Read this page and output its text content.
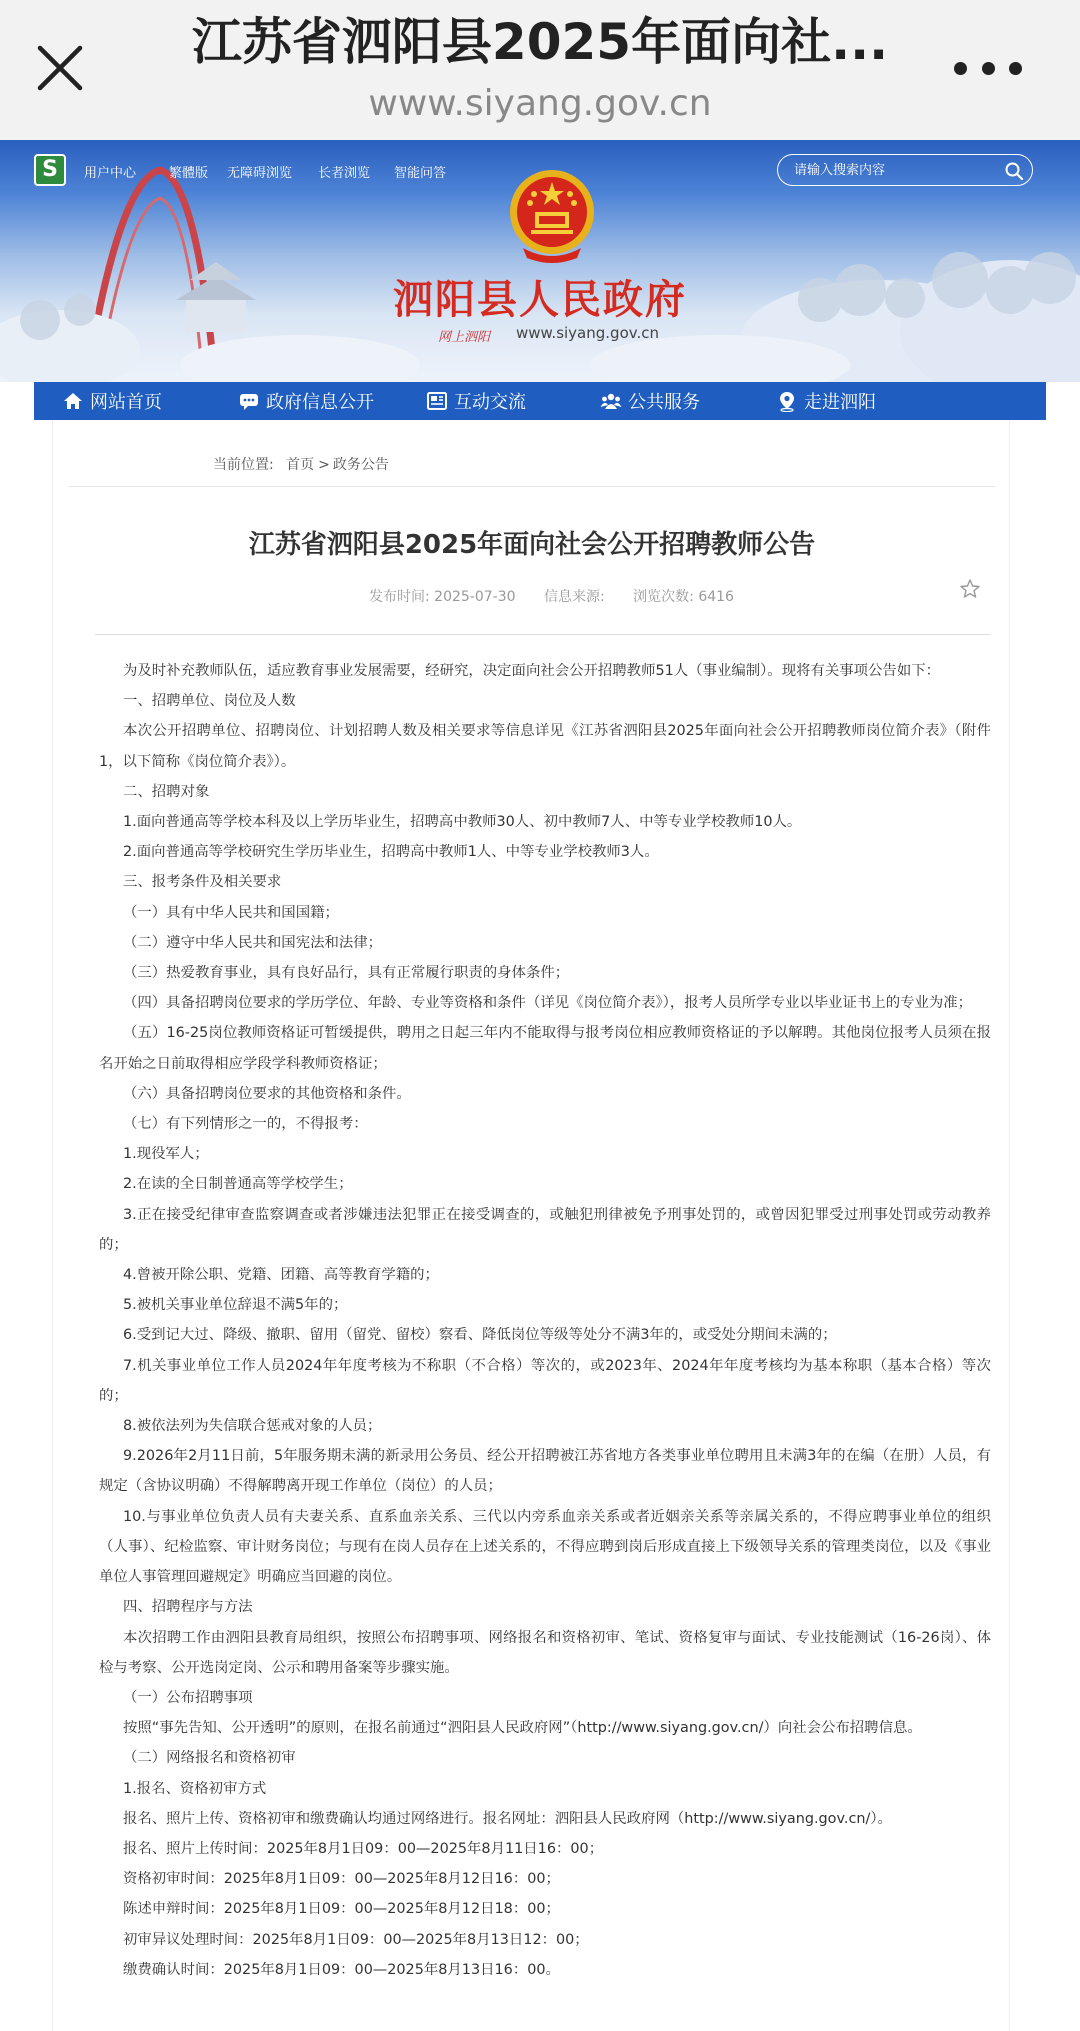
江苏省泗阳县2025年面向社...
www.siyang.gov.cn
S	用户中心	繁體版 无障碍浏览 长者浏览 智能问答
请输入搜索内容
泗阳县人民政府
网上泗阳 www.siyang.gov.cn
网站首页	政府信息公开	互动交流	公共服务	走进泗阳
当前位置: 首页 > 政务公告
江苏省泗阳县2025年面向社会公开招聘教师公告
发布时间: 2025-07-30 信息来源: 浏览次数: 6416

为及时补充教师队伍，适应教育事业发展需要，经研究，决定面向社会公开招聘教师51人（事业编制）。现将有关事项公告如下：

一、招聘单位、岗位及人数

本次公开招聘单位、招聘岗位、计划招聘人数及相关要求等信息详见《江苏省泗阳县2025年面向社会公开招聘教师岗位简介表》（附件1，以下简称《岗位简介表》）。

二、招聘对象

1.面向普通高等学校本科及以上学历毕业生，招聘高中教师30人、初中教师7人、中等专业学校教师10人。

2.面向普通高等学校研究生学历毕业生，招聘高中教师1人、中等专业学校教师3人。

三、报考条件及相关要求

（一）具有中华人民共和国国籍；

（二）遵守中华人民共和国宪法和法律；

（三）热爱教育事业，具有良好品行，具有正常履行职责的身体条件；

（四）具备招聘岗位要求的学历学位、年龄、专业等资格和条件（详见《岗位简介表》），报考人员所学专业以毕业证书上的专业为准；

（五）16-25岗位教师资格证可暂缓提供，聘用之日起三年内不能取得与报考岗位相应教师资格证的予以解聘。其他岗位报考人员须在报名开始之日前取得相应学段学科教师资格证；

（六）具备招聘岗位要求的其他资格和条件。

（七）有下列情形之一的，不得报考：

1.现役军人；

2.在读的全日制普通高等学校学生；

3.正在接受纪律审查监察调查或者涉嫌违法犯罪正在接受调查的，或触犯刑律被免予刑事处罚的，或曾因犯罪受过刑事处罚或劳动教养的；

4.曾被开除公职、党籍、团籍、高等教育学籍的；

5.被机关事业单位辞退不满5年的；

6.受到记大过、降级、撤职、留用（留党、留校）察看、降低岗位等级等处分不满3年的，或受处分期间未满的；

7.机关事业单位工作人员2024年年度考核为不称职（不合格）等次的，或2023年、2024年年度考核均为基本称职（基本合格）等次的；

8.被依法列为失信联合惩戒对象的人员；

9.2026年2月11日前，5年服务期未满的新录用公务员、经公开招聘被江苏省地方各类事业单位聘用且未满3年的在编（在册）人员，有规定（含协议明确）不得解聘离开现工作单位（岗位）的人员；

10.与事业单位负责人员有夫妻关系、直系血亲关系、三代以内旁系血亲关系或者近姻亲关系等亲属关系的，不得应聘事业单位的组织（人事）、纪检监察、审计财务岗位；与现有在岗人员存在上述关系的，不得应聘到岗后形成直接上下级领导关系的管理类岗位，以及《事业单位人事管理回避规定》明确应当回避的岗位。

四、招聘程序与方法

本次招聘工作由泗阳县教育局组织，按照公布招聘事项、网络报名和资格初审、笔试、资格复审与面试、专业技能测试（16-26岗）、体检与考察、公开选岗定岗、公示和聘用备案等步骤实施。

（一）公布招聘事项

按照“事先告知、公开透明”的原则，在报名前通过“泗阳县人民政府网”（http://www.siyang.gov.cn/）向社会公布招聘信息。

（二）网络报名和资格初审

1.报名、资格初审方式

报名、照片上传、资格初审和缴费确认均通过网络进行。报名网址：泗阳县人民政府网（http://www.siyang.gov.cn/）。

报名、照片上传时间：2025年8月1日09：00—2025年8月11日16：00；

资格初审时间：2025年8月1日09：00—2025年8月12日16：00；

陈述申辩时间：2025年8月1日09：00—2025年8月12日18：00；

初审异议处理时间：2025年8月1日09：00—2025年8月13日12：00；

缴费确认时间：2025年8月1日09：00—2025年8月13日16：00。
